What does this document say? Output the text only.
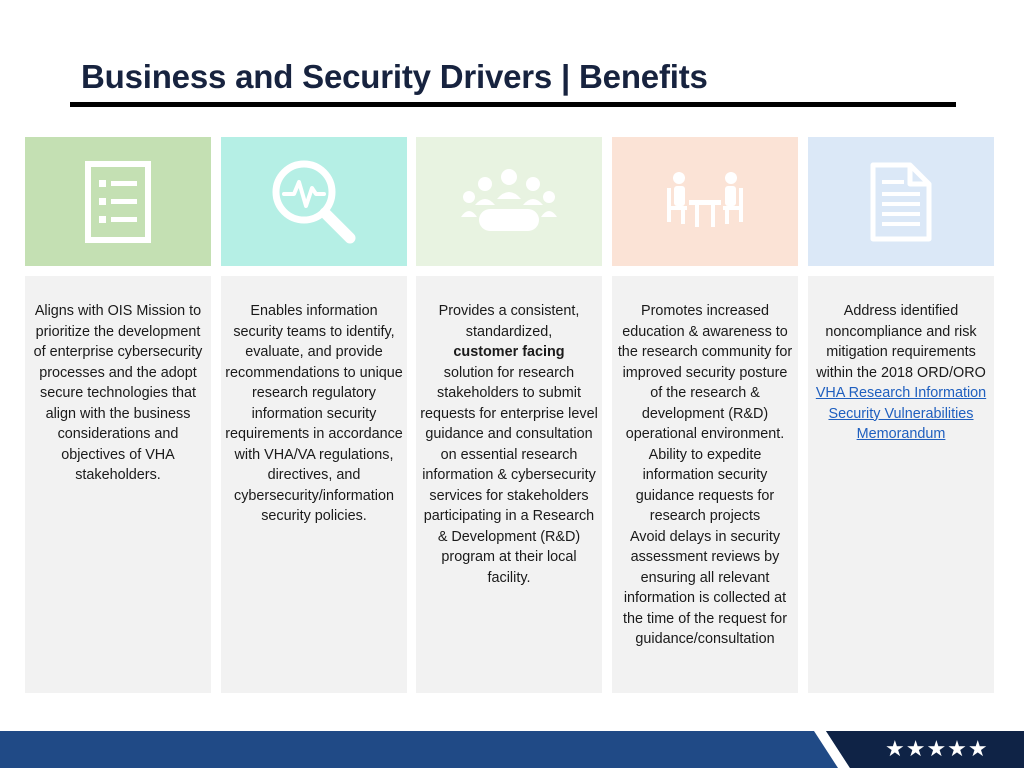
Business and Security Drivers | Benefits
Aligns with OIS Mission to prioritize the development of enterprise cybersecurity processes and the adopt secure technologies that align with the business considerations and objectives of VHA stakeholders.
Enables information security teams to identify, evaluate, and provide recommendations to unique research regulatory information security requirements in accordance with VHA/VA regulations, directives, and cybersecurity/information security policies.
Provides a consistent, standardized,
customer facing
solution for research stakeholders to submit requests for enterprise level guidance and consultation on essential research information & cybersecurity services for stakeholders participating in a Research & Development (R&D) program at their local facility.
Promotes increased education & awareness to the research community for improved security posture of the research & development (R&D) operational environment. Ability to expedite information security guidance requests for research projects
Avoid delays in security assessment reviews by ensuring all relevant information is collected at the time of the request for guidance/consultation
Address identified noncompliance and risk mitigation requirements within the 2018 ORD/ORO
VHA Research Information Security Vulnerabilities Memorandum
★★★★★
